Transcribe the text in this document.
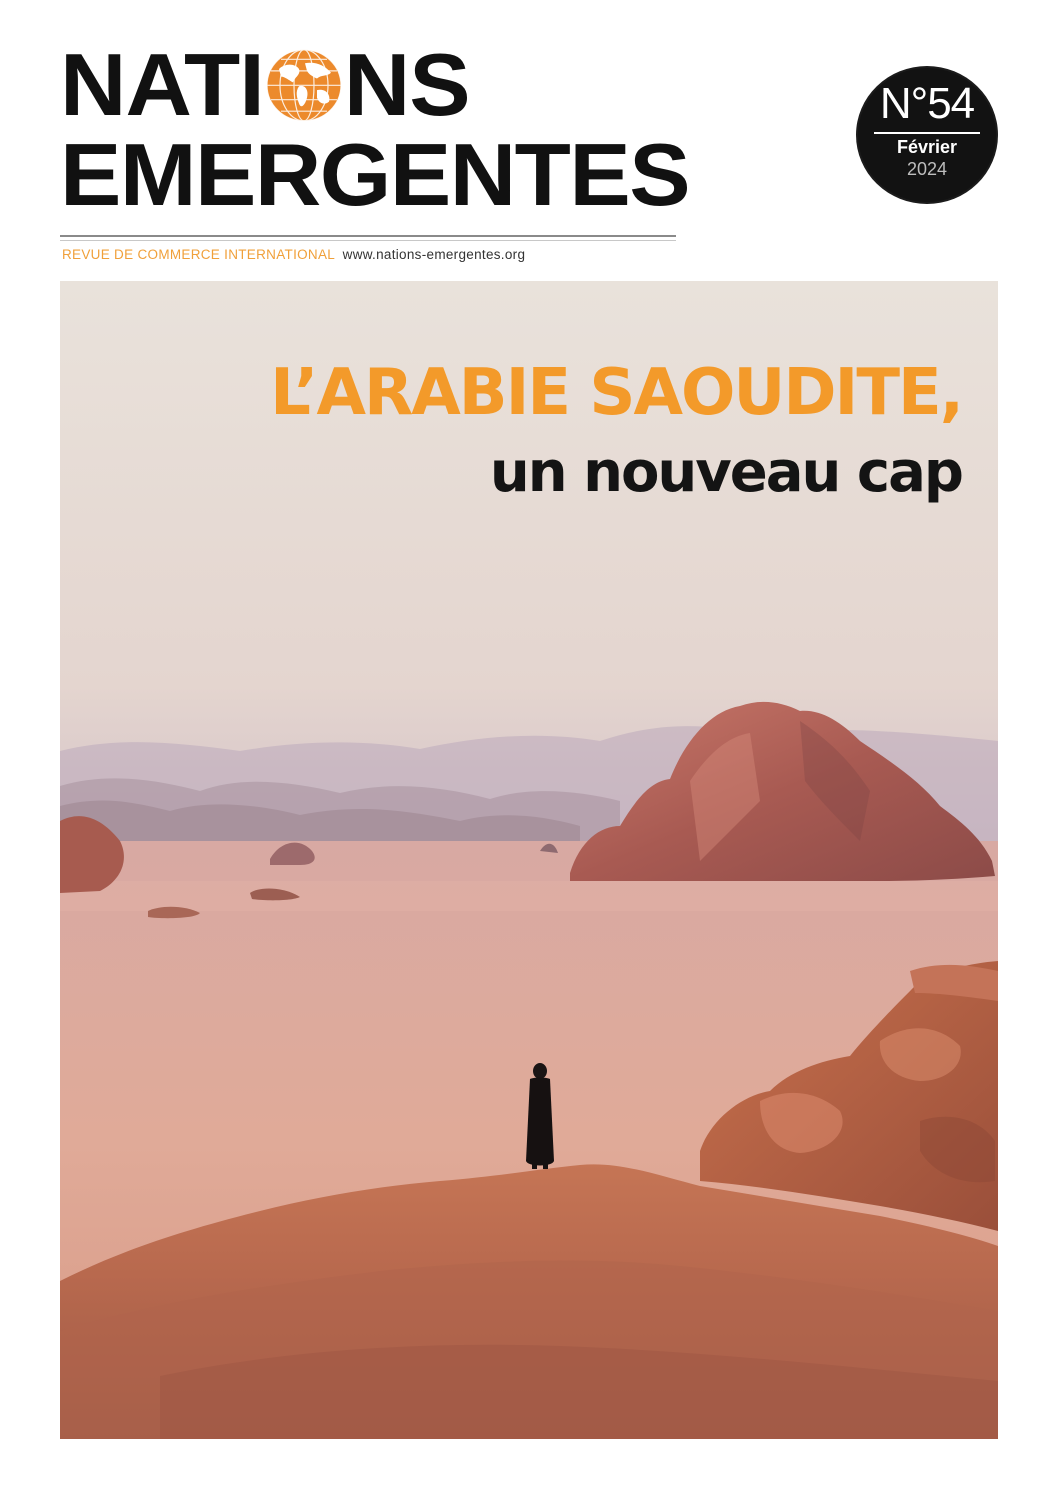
NATI NS
EMERGENTES
REVUE DE COMMERCE INTERNATIONAL www.nations-emergentes.org
N°54
Février
2024
L’ARABIE SAOUDITE,
un nouveau cap
